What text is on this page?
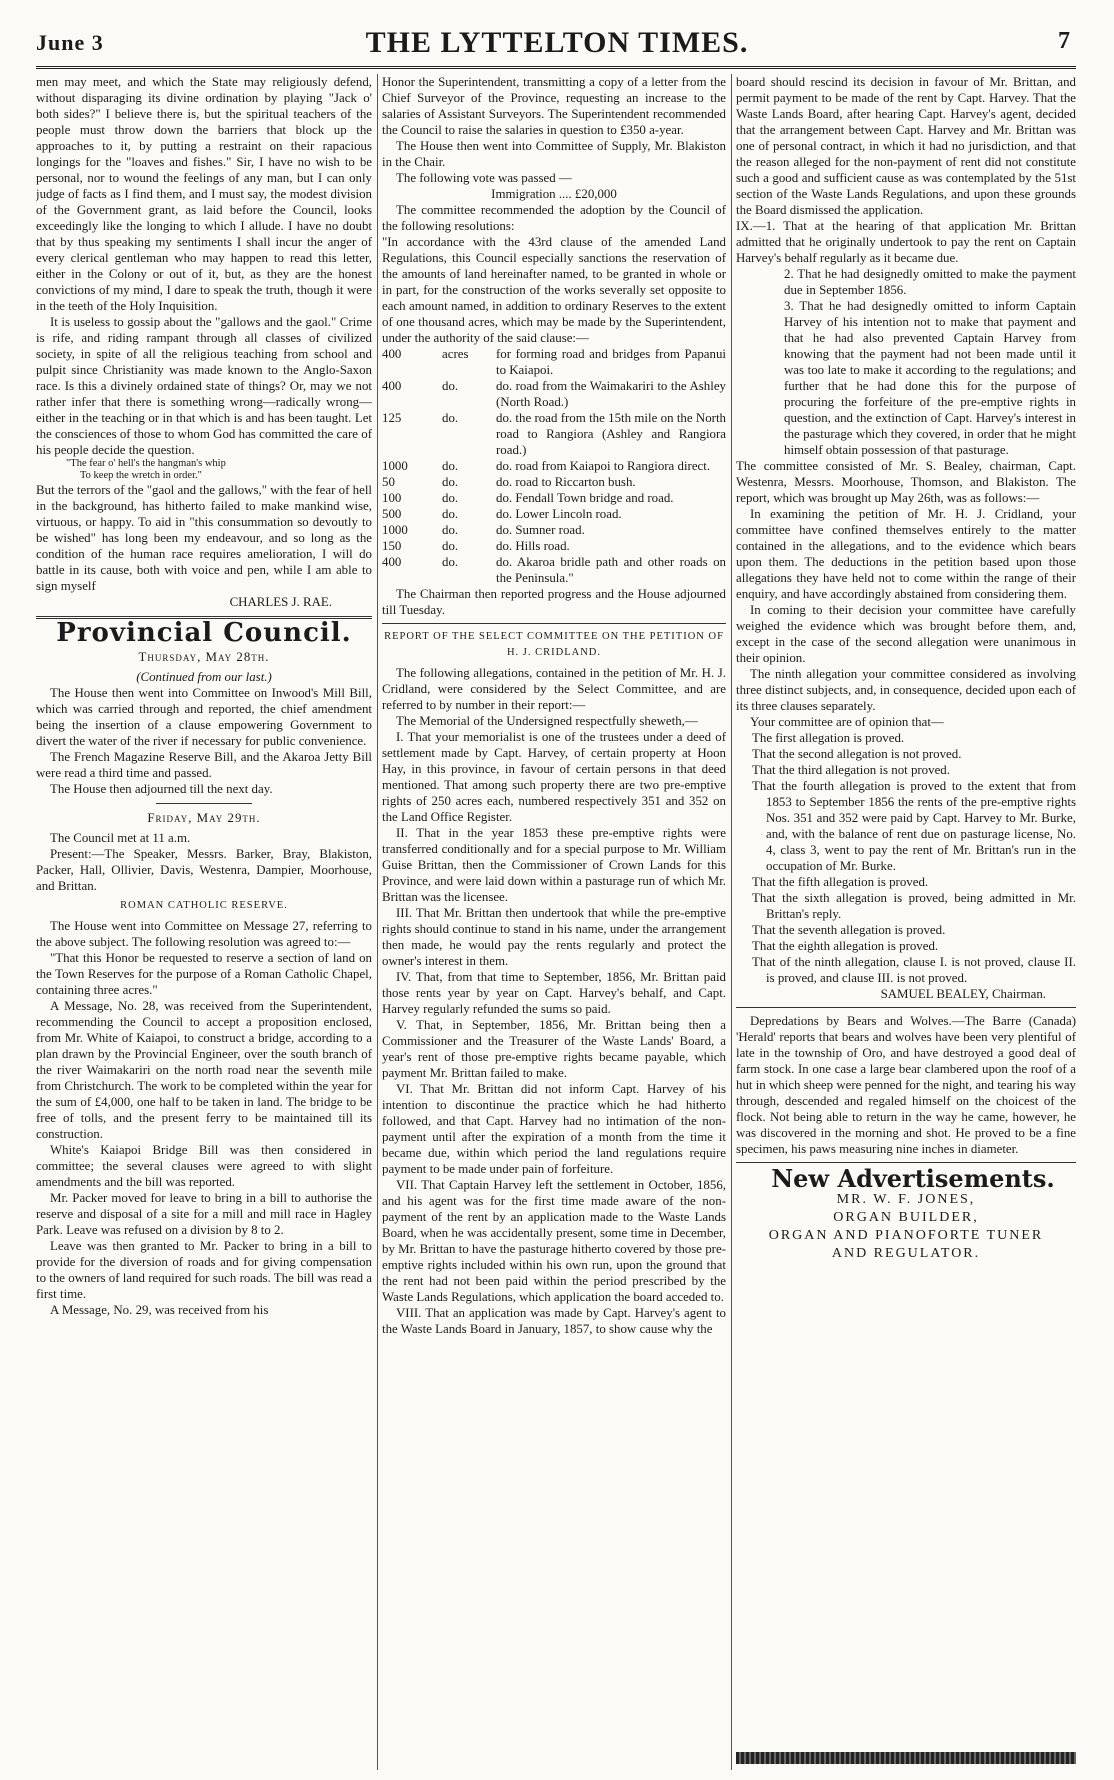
June 3	THE LYTTELTON TIMES.	7

men may meet, and which the State may religiously defend, without disparaging its divine ordination by playing "Jack o' both sides?" I believe there is, but the spiritual teachers of the people must throw down the barriers that block up the approaches to it, by putting a restraint on their rapacious longings for the "loaves and fishes." Sir, I have no wish to be personal, nor to wound the feelings of any man, but I can only judge of facts as I find them, and I must say, the modest division of the Government grant, as laid before the Council, looks exceedingly like the longing to which I allude. I have no doubt that by thus speaking my sentiments I shall incur the anger of every clerical gentleman who may happen to read this letter, either in the Colony or out of it, but, as they are the honest convictions of my mind, I dare to speak the truth, though it were in the teeth of the Holy Inquisition.

It is useless to gossip about the "gallows and the gaol." Crime is rife, and riding rampant through all classes of civilized society, in spite of all the religious teaching from school and pulpit since Christianity was made known to the Anglo-Saxon race. Is this a divinely ordained state of things? Or, may we not rather infer that there is something wrong—radically wrong—either in the teaching or in that which is and has been taught. Let the consciences of those to whom God has committed the care of his people decide the question.

"The fear o' hell's the hangman's whip

To keep the wretch in order."

But the terrors of the "gaol and the gallows," with the fear of hell in the background, has hitherto failed to make mankind wise, virtuous, or happy. To aid in "this consummation so devoutly to be wished" has long been my endeavour, and so long as the condition of the human race requires amelioration, I will do battle in its cause, both with voice and pen, while I am able to sign myself

CHARLES J. RAE.

Provincial Council.

Thursday, May 28th.

(Continued from our last.)

The House then went into Committee on Inwood's Mill Bill, which was carried through and reported, the chief amendment being the insertion of a clause empowering Government to divert the water of the river if necessary for public convenience.

The French Magazine Reserve Bill, and the Akaroa Jetty Bill were read a third time and passed.

The House then adjourned till the next day.

Friday, May 29th.

The Council met at 11 a.m.

Present:—The Speaker, Messrs. Barker, Bray, Blakiston, Packer, Hall, Ollivier, Davis, Westenra, Dampier, Moorhouse, and Brittan.

ROMAN CATHOLIC RESERVE.

The House went into Committee on Message 27, referring to the above subject. The following resolution was agreed to:—

"That this Honor be requested to reserve a section of land on the Town Reserves for the purpose of a Roman Catholic Chapel, containing three acres."

A Message, No. 28, was received from the Superintendent, recommending the Council to accept a proposition enclosed, from Mr. White of Kaiapoi, to construct a bridge, according to a plan drawn by the Provincial Engineer, over the south branch of the river Waimakariri on the north road near the seventh mile from Christchurch. The work to be completed within the year for the sum of £4,000, one half to be taken in land. The bridge to be free of tolls, and the present ferry to be maintained till its construction.

White's Kaiapoi Bridge Bill was then considered in committee; the several clauses were agreed to with slight amendments and the bill was reported.

Mr. Packer moved for leave to bring in a bill to authorise the reserve and disposal of a site for a mill and mill race in Hagley Park. Leave was refused on a division by 8 to 2.

Leave was then granted to Mr. Packer to bring in a bill to provide for the diversion of roads and for giving compensation to the owners of land required for such roads. The bill was read a first time.

A Message, No. 29, was received from his

Honor the Superintendent, transmitting a copy of a letter from the Chief Surveyor of the Province, requesting an increase to the salaries of Assistant Surveyors. The Superintendent recommended the Council to raise the salaries in question to £350 a-year.

The House then went into Committee of Supply, Mr. Blakiston in the Chair.

The following vote was passed —

Immigration .... £20,000

The committee recommended the adoption by the Council of the following resolutions:

"In accordance with the 43rd clause of the amended Land Regulations, this Council especially sanctions the reservation of the amounts of land hereinafter named, to be granted in whole or in part, for the construction of the works severally set opposite to each amount named, in addition to ordinary Reserves to the extent of one thousand acres, which may be made by the Superintendent, under the authority of the said clause:—

400	acres	for forming road and bridges from Papanui to Kaiapoi.
400	do.	do. road from the Waimakariri to the Ashley (North Road.)
125	do.	do. the road from the 15th mile on the North road to Rangiora (Ashley and Rangiora road.)
1000	do.	do. road from Kaiapoi to Rangiora direct.
50	do.	do. road to Riccarton bush.
100	do.	do. Fendall Town bridge and road.
500	do.	do. Lower Lincoln road.
1000	do.	do. Sumner road.
150	do.	do. Hills road.
400	do.	do. Akaroa bridle path and other roads on the Peninsula."

The Chairman then reported progress and the House adjourned till Tuesday.

REPORT OF THE SELECT COMMITTEE ON THE PETITION OF H. J. CRIDLAND.

The following allegations, contained in the petition of Mr. H. J. Cridland, were considered by the Select Committee, and are referred to by number in their report:—

The Memorial of the Undersigned respectfully sheweth,—

I. That your memorialist is one of the trustees under a deed of settlement made by Capt. Harvey, of certain property at Hoon Hay, in this province, in favour of certain persons in that deed mentioned. That among such property there are two pre-emptive rights of 250 acres each, numbered respectively 351 and 352 on the Land Office Register.

II. That in the year 1853 these pre-emptive rights were transferred conditionally and for a special purpose to Mr. William Guise Brittan, then the Commissioner of Crown Lands for this Province, and were laid down within a pasturage run of which Mr. Brittan was the licensee.

III. That Mr. Brittan then undertook that while the pre-emptive rights should continue to stand in his name, under the arrangement then made, he would pay the rents regularly and protect the owner's interest in them.

IV. That, from that time to September, 1856, Mr. Brittan paid those rents year by year on Capt. Harvey's behalf, and Capt. Harvey regularly refunded the sums so paid.

V. That, in September, 1856, Mr. Brittan being then a Commissioner and the Treasurer of the Waste Lands' Board, a year's rent of those pre-emptive rights became payable, which payment Mr. Brittan failed to make.

VI. That Mr. Brittan did not inform Capt. Harvey of his intention to discontinue the practice which he had hitherto followed, and that Capt. Harvey had no intimation of the non-payment until after the expiration of a month from the time it became due, within which period the land regulations require payment to be made under pain of forfeiture.

VII. That Captain Harvey left the settlement in October, 1856, and his agent was for the first time made aware of the non-payment of the rent by an application made to the Waste Lands Board, when he was accidentally present, some time in December, by Mr. Brittan to have the pasturage hitherto covered by those pre-emptive rights included within his own run, upon the ground that the rent had not been paid within the period prescribed by the Waste Lands Regulations, which application the board acceded to.

VIII. That an application was made by Capt. Harvey's agent to the Waste Lands Board in January, 1857, to show cause why the

board should rescind its decision in favour of Mr. Brittan, and permit payment to be made of the rent by Capt. Harvey. That the Waste Lands Board, after hearing Capt. Harvey's agent, decided that the arrangement between Capt. Harvey and Mr. Brittan was one of personal contract, in which it had no jurisdiction, and that the reason alleged for the non-payment of rent did not constitute such a good and sufficient cause as was contemplated by the 51st section of the Waste Lands Regulations, and upon these grounds the Board dismissed the application.

IX.—1. That at the hearing of that application Mr. Brittan admitted that he originally undertook to pay the rent on Captain Harvey's behalf regularly as it became due.

2. That he had designedly omitted to make the payment due in September 1856.

3. That he had designedly omitted to inform Captain Harvey of his intention not to make that payment and that he had also prevented Captain Harvey from knowing that the payment had not been made until it was too late to make it according to the regulations; and further that he had done this for the purpose of procuring the forfeiture of the pre-emptive rights in question, and the extinction of Capt. Harvey's interest in the pasturage which they covered, in order that he might himself obtain possession of that pasturage.

The committee consisted of Mr. S. Bealey, chairman, Capt. Westenra, Messrs. Moorhouse, Thomson, and Blakiston. The report, which was brought up May 26th, was as follows:—

In examining the petition of Mr. H. J. Cridland, your committee have confined themselves entirely to the matter contained in the allegations, and to the evidence which bears upon them. The deductions in the petition based upon those allegations they have held not to come within the range of their enquiry, and have accordingly abstained from considering them.

In coming to their decision your committee have carefully weighed the evidence which was brought before them, and, except in the case of the second allegation were unanimous in their opinion.

The ninth allegation your committee considered as involving three distinct subjects, and, in consequence, decided upon each of its three clauses separately.

Your committee are of opinion that—

The first allegation is proved.

That the second allegation is not proved.

That the third allegation is not proved.

That the fourth allegation is proved to the extent that from 1853 to September 1856 the rents of the pre-emptive rights Nos. 351 and 352 were paid by Capt. Harvey to Mr. Burke, and, with the balance of rent due on pasturage license, No. 4, class 3, went to pay the rent of Mr. Brittan's run in the occupation of Mr. Burke.

That the fifth allegation is proved.

That the sixth allegation is proved, being admitted in Mr. Brittan's reply.

That the seventh allegation is proved.

That the eighth allegation is proved.

That of the ninth allegation, clause I. is not proved, clause II. is proved, and clause III. is not proved.

SAMUEL BEALEY, Chairman.

Depredations by Bears and Wolves.—The Barre (Canada) 'Herald' reports that bears and wolves have been very plentiful of late in the township of Oro, and have destroyed a good deal of farm stock. In one case a large bear clambered upon the roof of a hut in which sheep were penned for the night, and tearing his way through, descended and regaled himself on the choicest of the flock. Not being able to return in the way he came, however, he was discovered in the morning and shot. He proved to be a fine specimen, his paws measuring nine inches in diameter.

New Advertisements.

MR. W. F. JONES,

ORGAN BUILDER,

ORGAN AND PIANOFORTE TUNER

AND REGULATOR.
